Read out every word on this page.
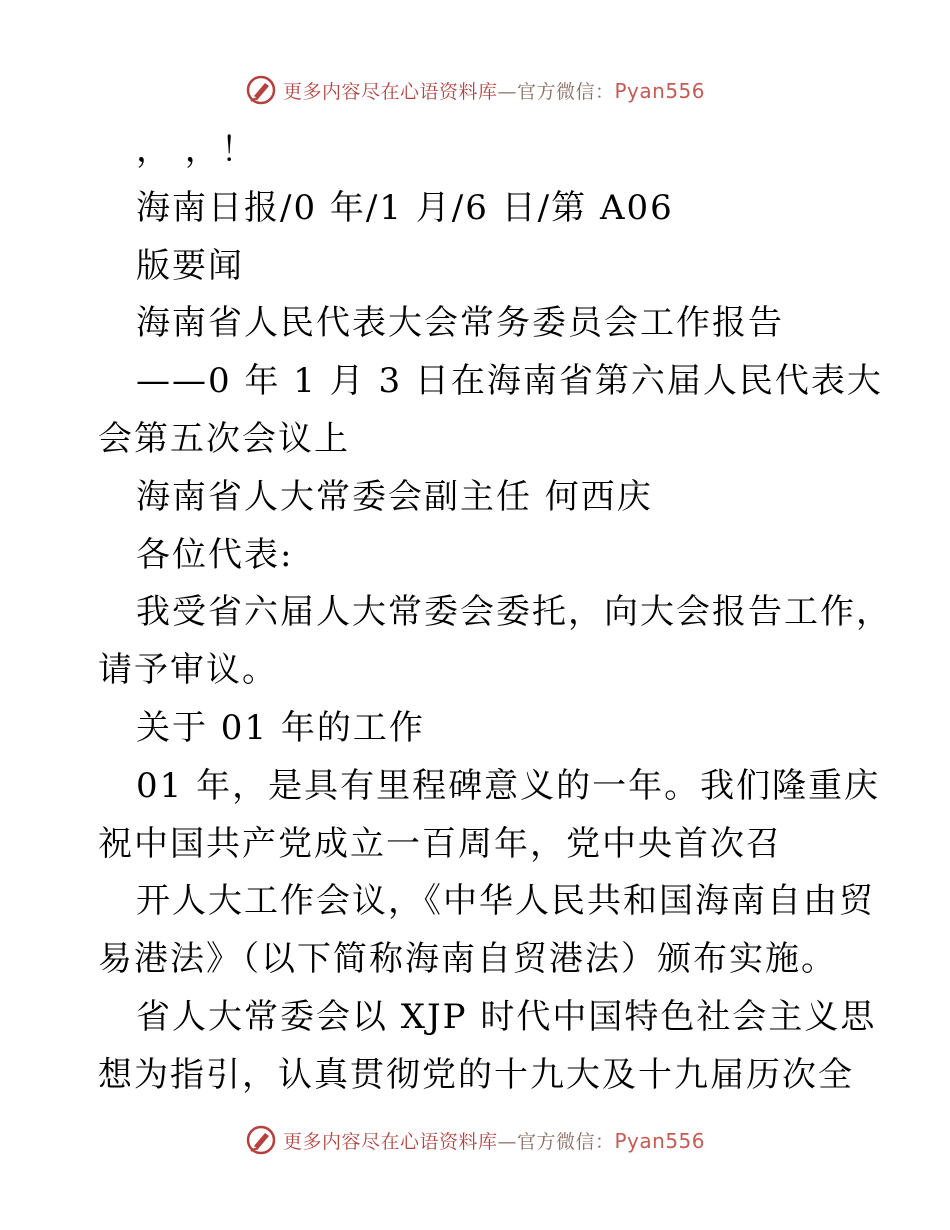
更多内容尽在心语资料库—官方微信：Pyan556
， ，！
海南日报/0 年/1 月/6 日/第 A06
版要闻
海南省人民代表大会常务委员会工作报告
——0 年 1 月 3 日在海南省第六届人民代表大
会第五次会议上
海南省人大常委会副主任 何西庆
各位代表:
我受省六届人大常委会委托，向大会报告工作，
请予审议。
关于 01 年的工作
01 年，是具有里程碑意义的一年。我们隆重庆
祝中国共产党成立一百周年，党中央首次召
开人大工作会议，《中华人民共和国海南自由贸
易港法》（以下简称海南自贸港法）颁布实施。
省人大常委会以 XJP 时代中国特色社会主义思
想为指引，认真贯彻党的十九大及十九届历次全
更多内容尽在心语资料库—官方微信：Pyan556
